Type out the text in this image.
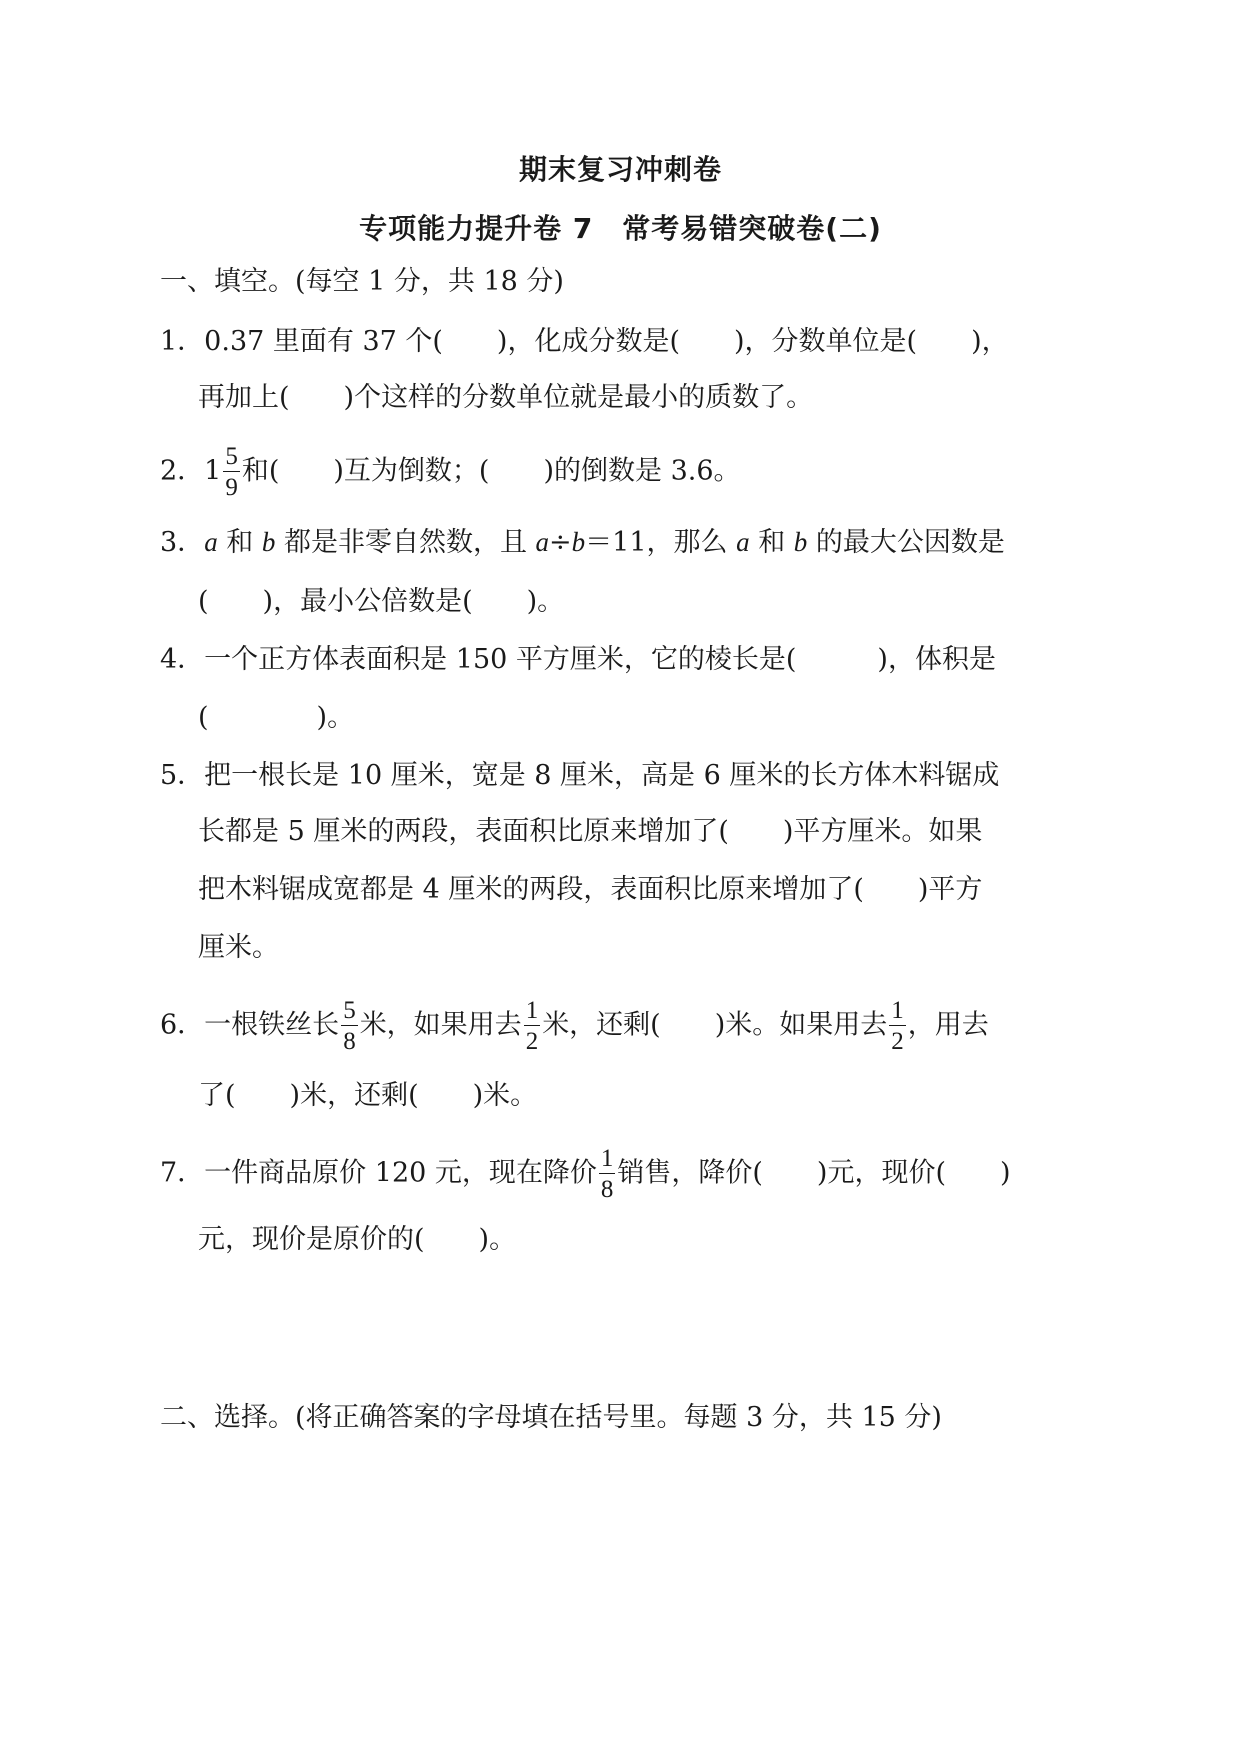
期末复习冲刺卷
专项能力提升卷 7　常考易错突破卷(二)
一、填空。(每空 1 分，共 18 分)
1．0.37 里面有 37 个(　　)，化成分数是(　　)，分数单位是(　　)，
再加上(　　)个这样的分数单位就是最小的质数了。
2．$1 \frac{5}{9}$ 和(　　)互为倒数；(　　)的倒数是 3.6。
3．a 和 b 都是非零自然数，且 a÷b＝11，那么 a 和 b 的最大公因数是
(　　)，最小公倍数是(　　)。
4．一个正方体表面积是 150 平方厘米，它的棱长是(　　　)，体积是
(　　　　)。
5．把一根长是 10 厘米，宽是 8 厘米，高是 6 厘米的长方体木料锯成
长都是 5 厘米的两段，表面积比原来增加了(　　)平方厘米。如果
把木料锯成宽都是 4 厘米的两段，表面积比原来增加了(　　)平方
厘米。
6．一根铁丝长 $\frac{5}{8}$ 米，如果用去 $\frac{1}{2}$ 米，还剩(　　)米。如果用去 $\frac{1}{2}$ ，用去
了(　　)米，还剩(　　)米。
7．一件商品原价 120 元，现在降价 $\frac{1}{8}$ 销售，降价(　　)元，现价(　　)
元，现价是原价的(　　)。
二、选择。(将正确答案的字母填在括号里。每题 3 分，共 15 分)
